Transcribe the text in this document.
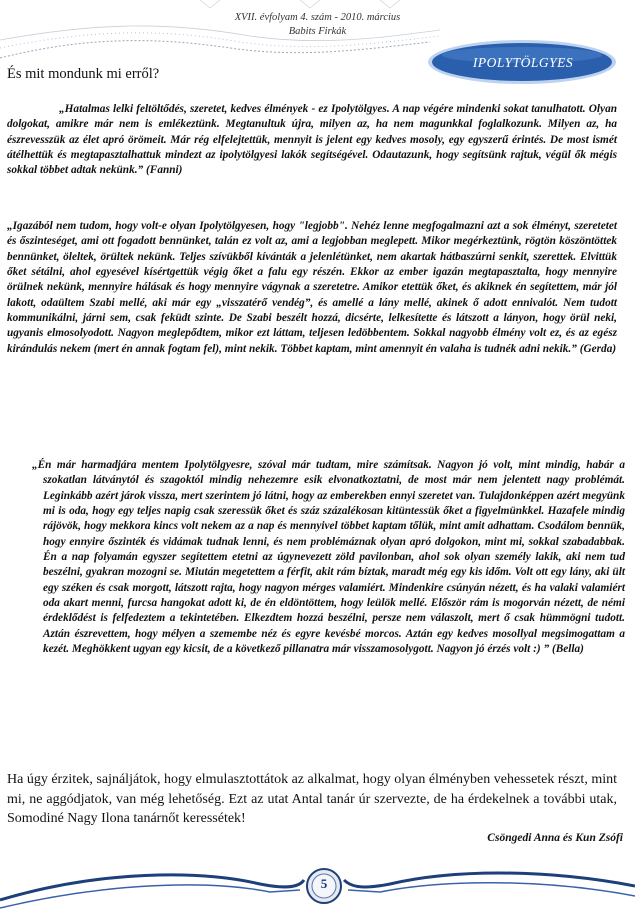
XVII. évfolyam 4. szám - 2010. március
Babits Firkák
IPOLYTÖLGYES
És mit mondunk mi erről?

„Hatalmas lelki feltöltődés, szeretet, kedves élmények - ez Ipolytölgyes. A nap végére mindenki sokat tanulhatott. Olyan dolgokat, amikre már nem is emlékeztünk. Megtanultuk újra, milyen az, ha nem magunkkal foglalkozunk. Milyen az, ha észrevesszük az élet apró örömeit. Már rég elfelejtettük, mennyit is jelent egy kedves mosoly, egy egyszerű érintés. De most ismét átélhettük és megtapasztalhattuk mindezt az ipolytölgyesi lakók segítségével. Odautazunk, hogy segítsünk rajtuk, végül ők mégis sokkal többet adtak nekünk.” (Fanni)

„Igazából nem tudom, hogy volt-e olyan Ipolytölgyesen, hogy "legjobb". Nehéz lenne megfogalmazni azt a sok élményt, szeretetet és őszinteséget, ami ott fogadott bennünket, talán ez volt az, ami a legjobban meglepett. Mikor megérkeztünk, rögtön köszöntöttek bennünket, öleltek, örültek nekünk. Teljes szívükből kívánták a jelenlétünket, nem akartak hátbaszúrni senkit, szerettek. Elvittük őket sétálni, ahol egyesével kísértgettük végig őket a falu egy részén. Ekkor az ember igazán megtapasztalta, hogy mennyire örülnek nekünk, mennyire hálásak és hogy mennyire vágynak a szeretetre. Amikor etettük őket, és akiknek én segítettem, már jól lakott, odaültem Szabi mellé, aki már egy „visszatérő vendég”, és amellé a lány mellé, akinek ő adott ennivalót. Nem tudott kommunikálni, járni sem, csak feküdt szinte. De Szabi beszélt hozzá, dicsérte, lelkesítette és látszott a lányon, hogy örül neki, ugyanis elmosolyodott. Nagyon meglepődtem, mikor ezt láttam, teljesen ledöbbentem. Sokkal nagyobb élmény volt ez, és az egész kirándulás nekem (mert én annak fogtam fel), mint nekik. Többet kaptam, mint amennyit én valaha is tudnék adni nekik.” (Gerda)

„Én már harmadjára mentem Ipolytölgyesre, szóval már tudtam, mire számítsak. Nagyon jó volt, mint mindig, habár a szokatlan látványtól és szagoktól mindig nehezemre esik elvonatkoztatni, de most már nem jelentett nagy problémát. Leginkább azért járok vissza, mert szerintem jó látni, hogy az emberekben ennyi szeretet van. Tulajdonképpen azért megyünk mi is oda, hogy egy teljes napig csak szeressük őket és száz százalékosan kitüntessük őket a figyelmünkkel. Hazafele mindig rájövök, hogy mekkora kincs volt nekem az a nap és mennyivel többet kaptam tőlük, mint amit adhattam. Csodálom bennük, hogy ennyire őszinték és vidámak tudnak lenni, és nem problémáznak olyan apró dolgokon, mint mi, sokkal szabadabbak. Én a nap folyamán egyszer segítettem etetni az úgynevezett zöld pavilonban, ahol sok olyan személy lakik, aki nem tud beszélni, gyakran mozogni se. Miután megetettem a férfit, akit rám bíztak, maradt még egy kis időm. Volt ott egy lány, aki ült egy széken és csak morgott, látszott rajta, hogy nagyon mérges valamiért. Mindenkire csúnyán nézett, és ha valaki valamiért oda akart menni, furcsa hangokat adott ki, de én eldöntöttem, hogy leülök mellé. Először rám is mogorván nézett, de némi érdeklődést is felfedeztem a tekintetében. Elkezdtem hozzá beszélni, persze nem válaszolt, mert ő csak hümmögni tudott. Aztán észrevettem, hogy mélyen a szemembe néz és egyre kevésbé morcos. Aztán egy kedves mosollyal megsimogattam a kezét. Meghökkent ugyan egy kicsit, de a következő pillanatra már visszamosolygott. Nagyon jó érzés volt :) ” (Bella)

Ha úgy érzitek, sajnáljátok, hogy elmulasztottátok az alkalmat, hogy olyan élményben vehessetek részt, mint mi, ne aggódjatok, van még lehetőség. Ezt az utat Antal tanár úr szervezte, de ha érdekelnek a további utak, Somodiné Nagy Ilona tanárnőt keressétek!

Csöngedi Anna és Kun Zsófi
5
